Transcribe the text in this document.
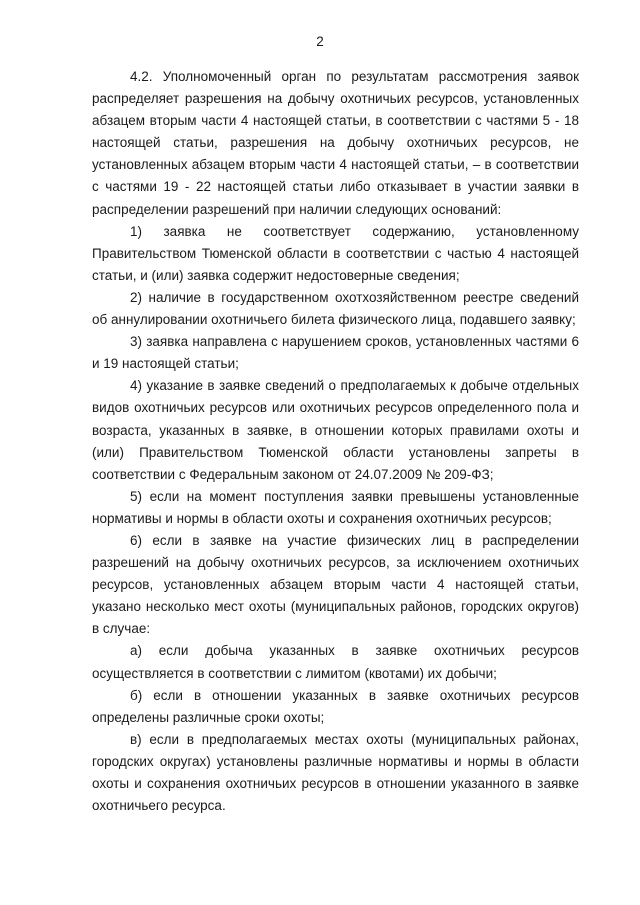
2

4.2. Уполномоченный орган по результатам рассмотрения заявок распределяет разрешения на добычу охотничьих ресурсов, установленных абзацем вторым части 4 настоящей статьи, в соответствии с частями 5 - 18 настоящей статьи, разрешения на добычу охотничьих ресурсов, не установленных абзацем вторым части 4 настоящей статьи, – в соответствии с частями 19 - 22 настоящей статьи либо отказывает в участии заявки в распределении разрешений при наличии следующих оснований:

1) заявка не соответствует содержанию, установленному Правительством Тюменской области в соответствии с частью 4 настоящей статьи, и (или) заявка содержит недостоверные сведения;

2) наличие в государственном охотхозяйственном реестре сведений об аннулировании охотничьего билета физического лица, подавшего заявку;

3) заявка направлена с нарушением сроков, установленных частями 6 и 19 настоящей статьи;

4) указание в заявке сведений о предполагаемых к добыче отдельных видов охотничьих ресурсов или охотничьих ресурсов определенного пола и возраста, указанных в заявке, в отношении которых правилами охоты и (или) Правительством Тюменской области установлены запреты в соответствии с Федеральным законом от 24.07.2009 № 209-ФЗ;

5) если на момент поступления заявки превышены установленные нормативы и нормы в области охоты и сохранения охотничьих ресурсов;

6) если в заявке на участие физических лиц в распределении разрешений на добычу охотничьих ресурсов, за исключением охотничьих ресурсов, установленных абзацем вторым части 4 настоящей статьи, указано несколько мест охоты (муниципальных районов, городских округов) в случае:

а) если добыча указанных в заявке охотничьих ресурсов осуществляется в соответствии с лимитом (квотами) их добычи;

б) если в отношении указанных в заявке охотничьих ресурсов определены различные сроки охоты;

в) если в предполагаемых местах охоты (муниципальных районах, городских округах) установлены различные нормативы и нормы в области охоты и сохранения охотничьих ресурсов в отношении указанного в заявке охотничьего ресурса.
